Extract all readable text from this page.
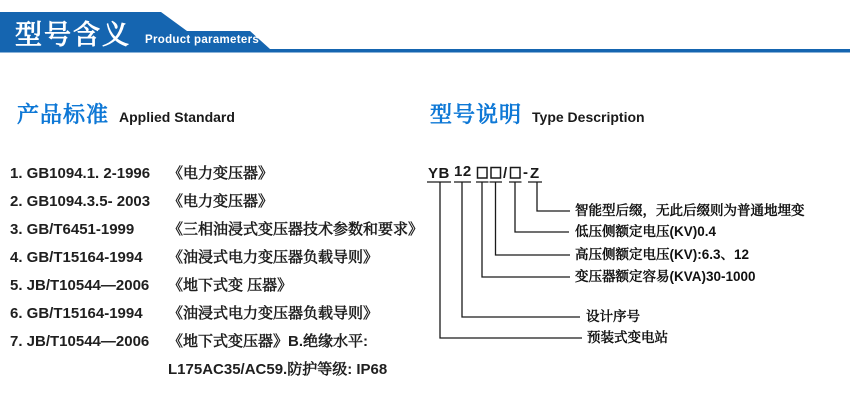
型号含义 Product parameters
产品标准 Applied Standard	型号说明 Type Description
1. GB1094.1. 2-1996	《电力变压器》
2. GB1094.3.5- 2003	《电力变压器》
3. GB/T6451-1999	《三相油浸式变压器技术参数和要求》
4. GB/T15164-1994	《油浸式电力变压器负载导则》
5. JB/T10544—2006	《地下式变 压器》
6. GB/T15164-1994	《油浸式电力变压器负载导则》
7. JB/T10544—2006	《地下式变压器》B.绝缘水平:
L175AC35/AC59.防护等级: IP68
YB 12 / - Z
智能型后缀，无此后缀则为普通地埋变
低压侧额定电压(KV)0.4
高压侧额定电压(KV):6.3、12
变压器额定容易(KVA)30-1000
设计序号
预装式变电站
